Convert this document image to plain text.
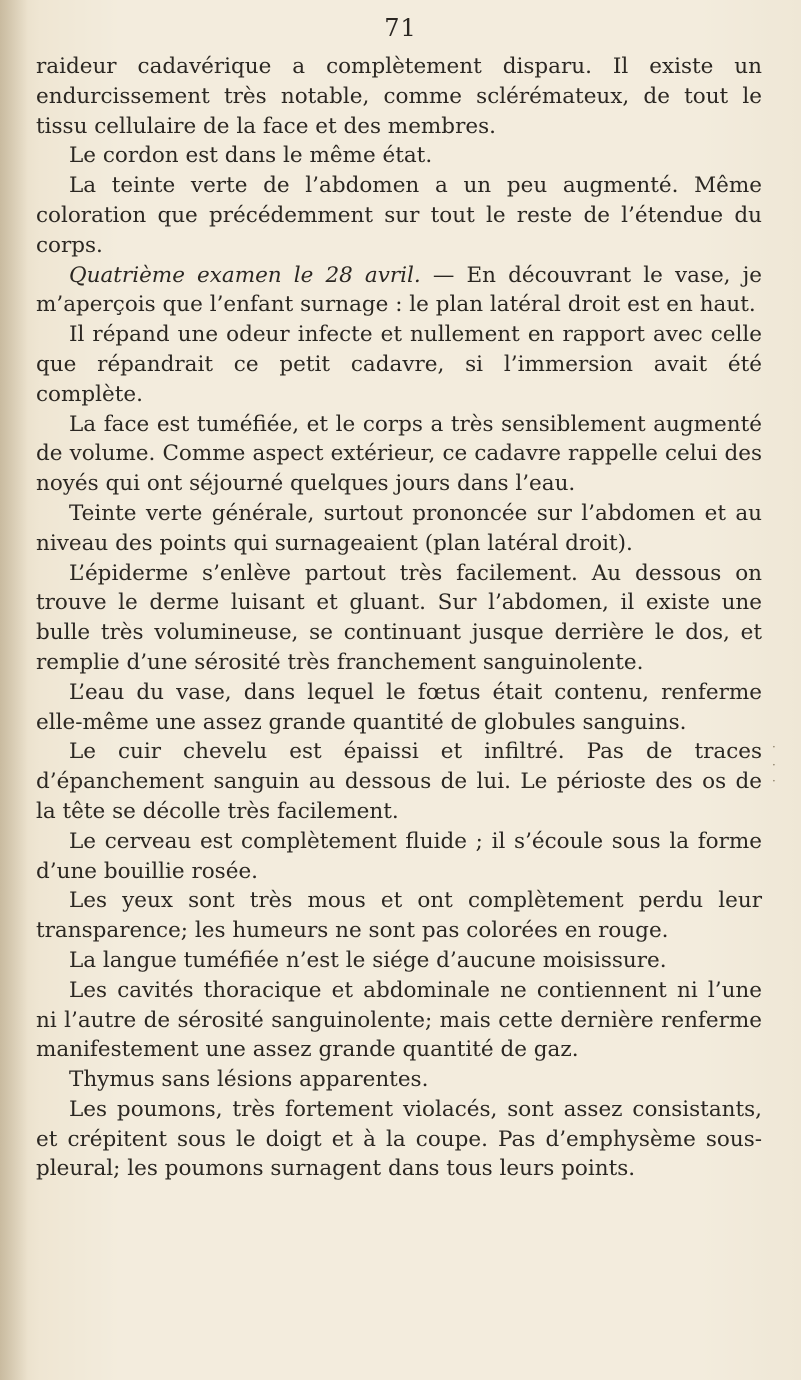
71

raideur cadavérique a complètement disparu. Il existe un endurcissement très notable, comme sclérémateux, de tout le tissu cellulaire de la face et des membres.

Le cordon est dans le même état.

La teinte verte de l’abdomen a un peu augmenté. Même coloration que précédemment sur tout le reste de l’étendue du corps.

Quatrième examen le 28 avril. — En découvrant le vase, je m’aperçois que l’enfant surnage : le plan latéral droit est en haut.

Il répand une odeur infecte et nullement en rapport avec celle que répandrait ce petit cadavre, si l’immersion avait été complète.

La face est tuméfiée, et le corps a très sensiblement augmenté de volume. Comme aspect extérieur, ce cadavre rappelle celui des noyés qui ont séjourné quelques jours dans l’eau.

Teinte verte générale, surtout prononcée sur l’abdomen et au niveau des points qui surnageaient (plan latéral droit).

L’épiderme s’enlève partout très facilement. Au dessous on trouve le derme luisant et gluant. Sur l’abdomen, il existe une bulle très volumineuse, se continuant jusque derrière le dos, et remplie d’une sérosité très franchement sanguinolente.

L’eau du vase, dans lequel le fœtus était contenu, renferme elle-même une assez grande quantité de globules sanguins.

Le cuir chevelu est épaissi et infiltré. Pas de traces d’épanchement sanguin au dessous de lui. Le périoste des os de la tête se décolle très facilement.

Le cerveau est complètement fluide ; il s’écoule sous la forme d’une bouillie rosée.

Les yeux sont très mous et ont complètement perdu leur transparence; les humeurs ne sont pas colorées en rouge.

La langue tuméfiée n’est le siége d’aucune moisissure.

Les cavités thoracique et abdominale ne contiennent ni l’une ni l’autre de sérosité sanguinolente; mais cette dernière renferme manifestement une assez grande quantité de gaz.

Thymus sans lésions apparentes.

Les poumons, très fortement violacés, sont assez consistants, et crépitent sous le doigt et à la coupe. Pas d’emphysème sous-pleural; les poumons surnagent dans tous leurs points.

·
·
·
